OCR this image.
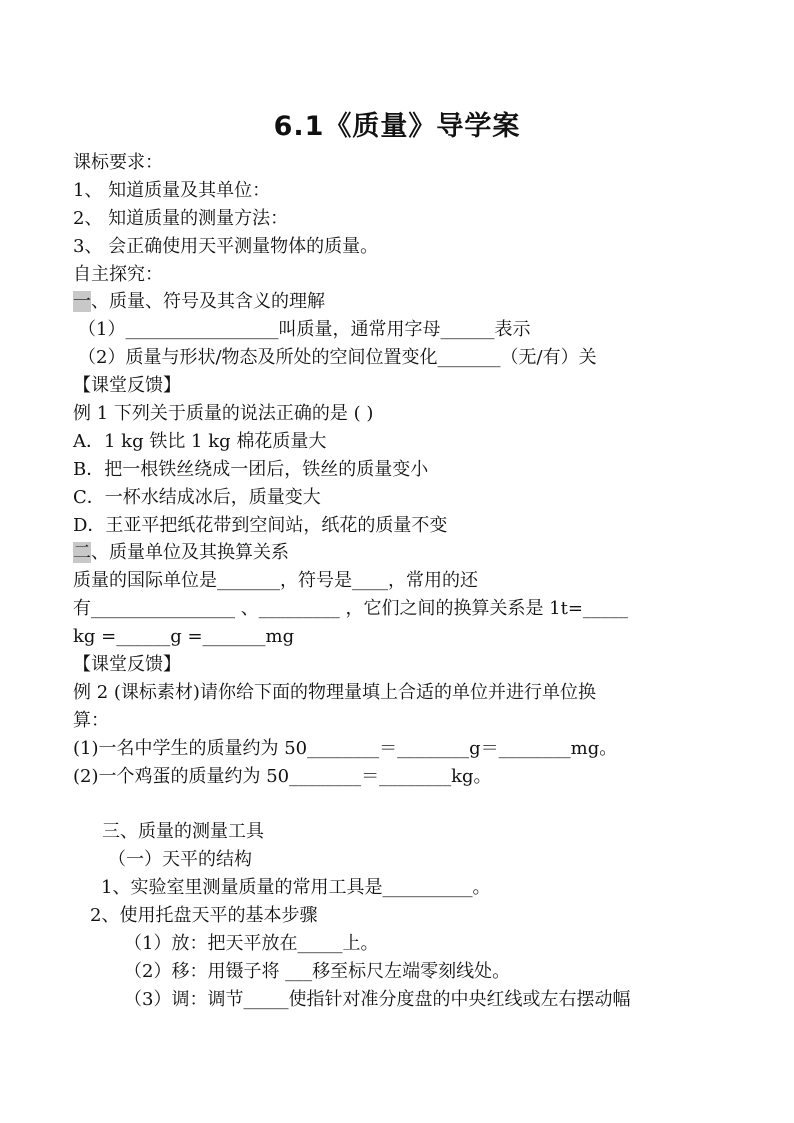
6.1《质量》导学案
课标要求：
1、 知道质量及其单位：
2、 知道质量的测量方法：
3、 会正确使用天平测量物体的质量。
自主探究：
一、质量、符号及其含义的理解
（1）_________________叫质量，通常用字母______表示
（2）质量与形状/物态及所处的空间位置变化_______（无/有）关
【课堂反馈】
例 1 下列关于质量的说法正确的是 ( )
A．1 kg 铁比 1 kg 棉花质量大
B．把一根铁丝绕成一团后，铁丝的质量变小
C．一杯水结成冰后，质量变大
D．王亚平把纸花带到空间站，纸花的质量不变
二、质量单位及其换算关系
质量的国际单位是_______，符号是____，常用的还
有________________ 、_________ ，它们之间的换算关系是 1t=_____
kg =______g =_______mg
【课堂反馈】
例 2 (课标素材)请你给下面的物理量填上合适的单位并进行单位换
算：
(1)一名中学生的质量约为 50________＝________g＝________mg。
(2)一个鸡蛋的质量约为 50________＝________kg。
三、质量的测量工具
（一）天平的结构
1、实验室里测量质量的常用工具是__________。
2、使用托盘天平的基本步骤
（1）放：把天平放在_____上。
（2）移：用镊子将 ___移至标尺左端零刻线处。
（3）调：调节_____使指针对准分度盘的中央红线或左右摆动幅
